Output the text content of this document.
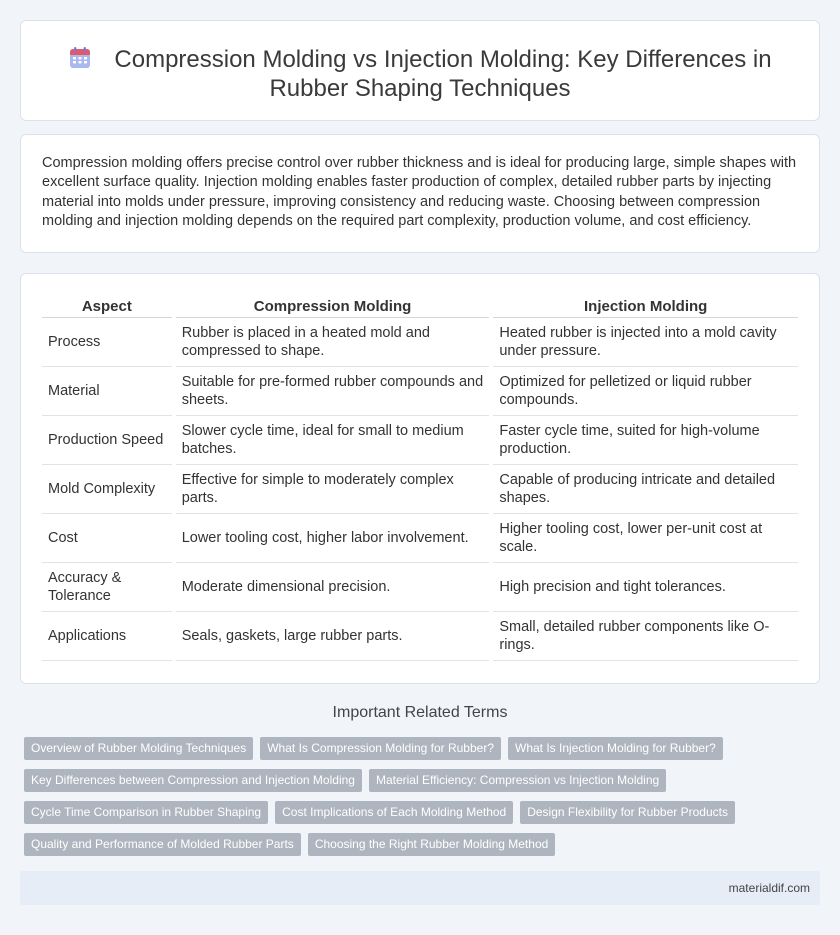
Compression Molding vs Injection Molding: Key Differences in Rubber Shaping Techniques

Compression molding offers precise control over rubber thickness and is ideal for producing large, simple shapes with excellent surface quality. Injection molding enables faster production of complex, detailed rubber parts by injecting material into molds under pressure, improving consistency and reducing waste. Choosing between compression molding and injection molding depends on the required part complexity, production volume, and cost efficiency.

Aspect		Compression Molding		Injection Molding
Process		Rubber is placed in a heated mold and compressed to shape.		Heated rubber is injected into a mold cavity under pressure.
Material		Suitable for pre-formed rubber compounds and sheets.		Optimized for pelletized or liquid rubber compounds.
Production Speed		Slower cycle time, ideal for small to medium batches.		Faster cycle time, suited for high-volume production.
Mold Complexity		Effective for simple to moderately complex parts.		Capable of producing intricate and detailed shapes.
Cost		Lower tooling cost, higher labor involvement.		Higher tooling cost, lower per-unit cost at scale.
Accuracy & Tolerance		Moderate dimensional precision.		High precision and tight tolerances.
Applications		Seals, gaskets, large rubber parts.		Small, detailed rubber components like O-rings.
Important Related Terms
Overview of Rubber Molding Techniques	What Is Compression Molding for Rubber?	What Is Injection Molding for Rubber?
Key Differences between Compression and Injection Molding	Material Efficiency: Compression vs Injection Molding
Cycle Time Comparison in Rubber Shaping	Cost Implications of Each Molding Method	Design Flexibility for Rubber Products
Quality and Performance of Molded Rubber Parts	Choosing the Right Rubber Molding Method
materialdif.com
